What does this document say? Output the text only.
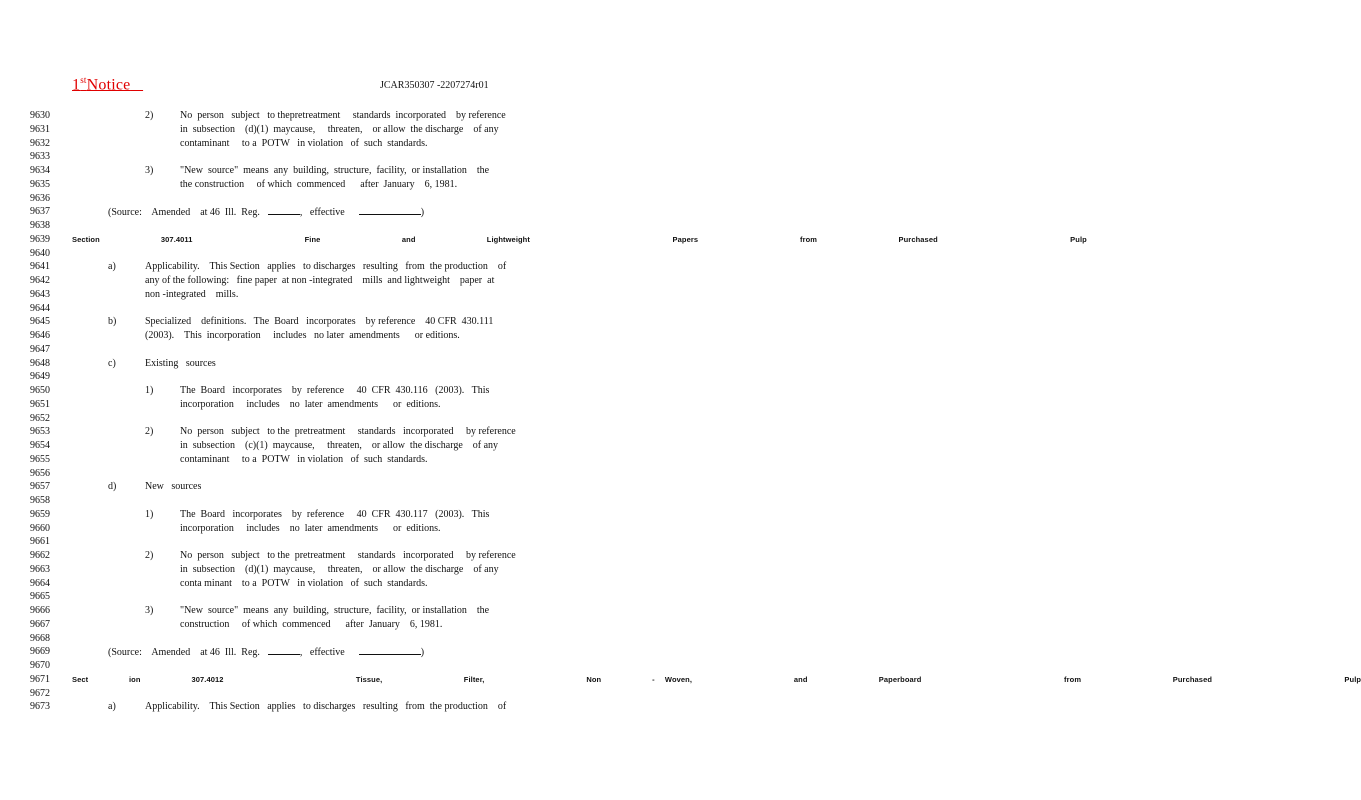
1stNotice	JCAR350307 -2207274r01
9630	2)	No  person   subject   to thepretreatment     standards  incorporated    by reference
9631	in  subsection    (d)(1)  maycause,     threaten,    or allow  the discharge    of any
9632	contaminant     to a  POTW   in violation   of  such  standards.
9633
9634	3)	"New  source"  means  any  building,  structure,  facility,  or installation    the
9635	the construction     of which  commenced      after  January    6, 1981.
9636
9637	(Source:    Amended    at 46  Ill.  Reg.	,   effective	)
9638
9639	Section      307.4011           Fine        and       Lightweight              Papers          from        Purchased             Pulp
9640
9641	a)	Applicability.    This Section   applies   to discharges   resulting   from  the production    of
9642	any of the following:   fine paper  at non -integrated    mills  and lightweight    paper  at
9643	non -integrated    mills.
9644
9645	b)	Specialized    definitions.   The  Board   incorporates    by reference    40 CFR  430.111
9646	(2003).    This  incorporation     includes   no later  amendments      or editions.
9647
9648	c)	Existing   sources
9649
9650	1)	The  Board   incorporates    by  reference     40  CFR  430.116   (2003).   This
9651	incorporation     includes    no  later  amendments      or  editions.
9652
9653	2)	No  person   subject   to the  pretreatment     standards   incorporated     by reference
9654	in  subsection    (c)(1)  maycause,     threaten,    or allow  the discharge    of any
9655	contaminant     to a  POTW   in violation   of  such  standards.
9656
9657	d)	New   sources
9658
9659	1)	The  Board   incorporates    by  reference     40  CFR  430.117   (2003).   This
9660	incorporation     includes    no  later  amendments      or  editions.
9661
9662	2)	No  person   subject   to the  pretreatment     standards   incorporated     by reference
9663	in  subsection    (d)(1)  maycause,     threaten,    or allow  the discharge    of any
9664	conta minant    to a  POTW   in violation   of  such  standards.
9665
9666	3)	"New  source"  means  any  building,  structure,  facility,  or installation    the
9667	construction     of which  commenced      after  January    6, 1981.
9668
9669	(Source:    Amended    at 46  Ill.  Reg.	,   effective	)
9670
9671	Sect    ion     307.4012             Tissue,        Filter,          Non     - Woven,          and       Paperboard              from         Purchased             Pulp
9672
9673	a)	Applicability.    This Section   applies   to discharges   resulting   from  the production    of
